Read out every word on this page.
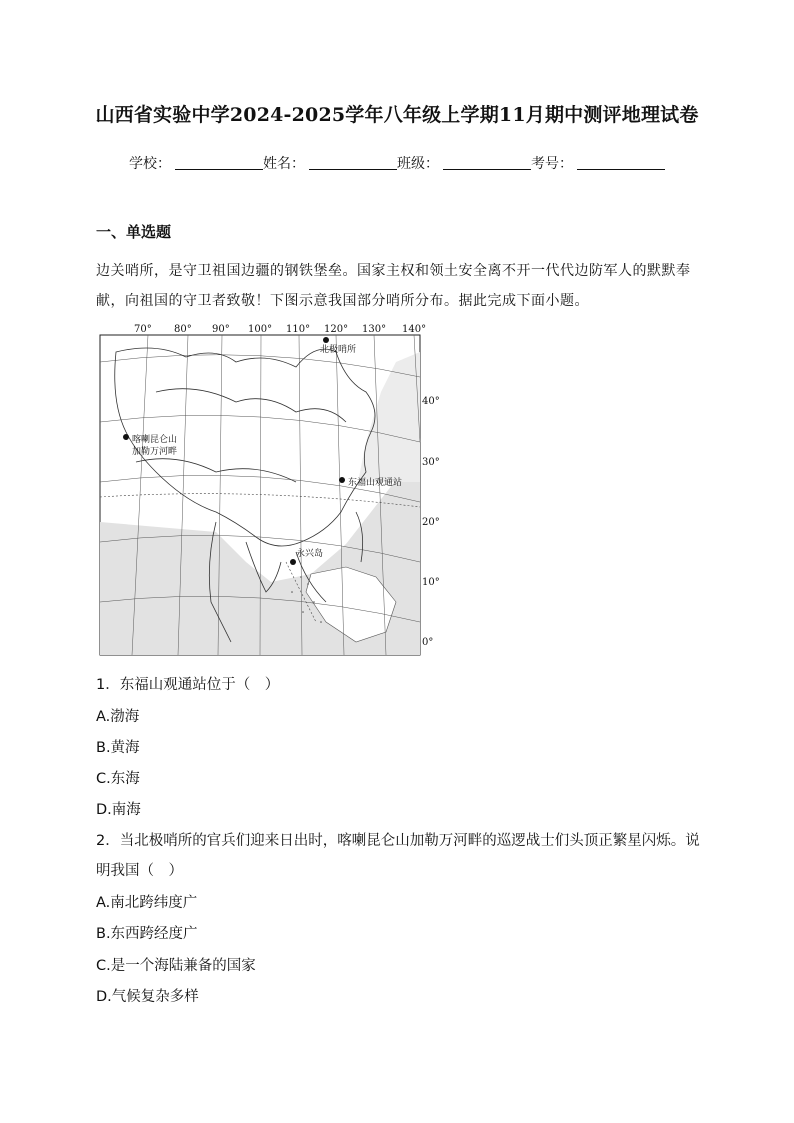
山西省实验中学2024-2025学年八年级上学期11月期中测评地理试卷
学校：	姓名：	班级：	考号：
一、单选题
边关哨所，是守卫祖国边疆的钢铁堡垒。国家主权和领土安全离不开一代代边防军人的默默奉献，向祖国的守卫者致敬！下图示意我国部分哨所分布。据此完成下面小题。
70° 80° 90° 100° 110° 120° 130° 140°
40°
30°
20°
10°
0°
北极哨所
喀喇昆仑山
加勒万河畔
东福山观通站
永兴岛
1．东福山观通站位于（　）
A.渤海
B.黄海
C.东海
D.南海
2．当北极哨所的官兵们迎来日出时，喀喇昆仑山加勒万河畔的巡逻战士们头顶正繁星闪烁。说明我国（　）
A.南北跨纬度广
B.东西跨经度广
C.是一个海陆兼备的国家
D.气候复杂多样
